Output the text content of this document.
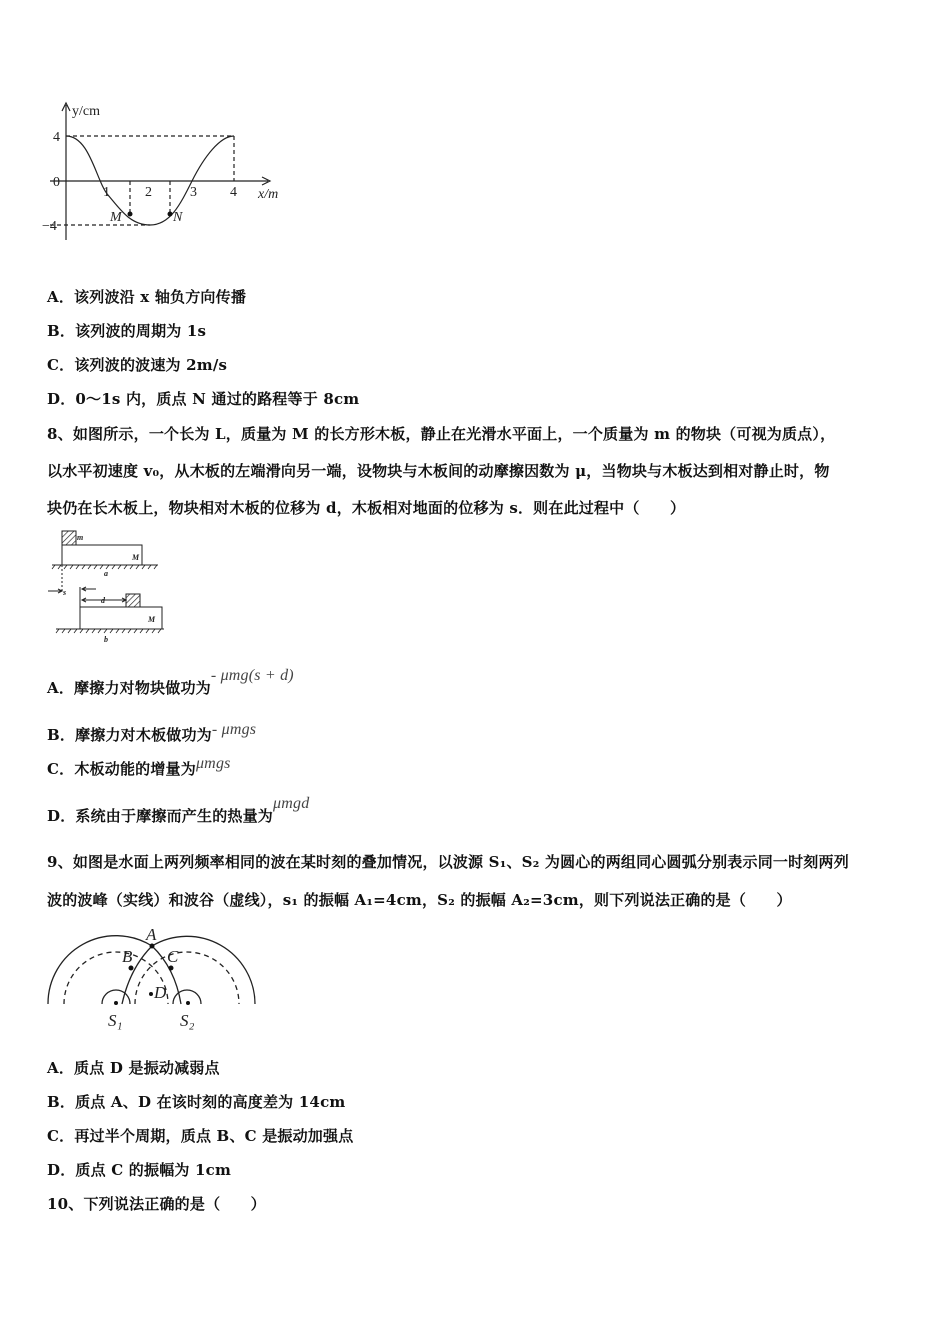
y/cm
x/m
4
0
−4
1	2	3 4
M	N
A．该列波沿 x 轴负方向传播
B．该列波的周期为 1s
C．该列波的波速为 2m/s
D．0～1s 内，质点 N 通过的路程等于 8cm
8、如图所示，一个长为 L，质量为 M 的长方形木板，静止在光滑水平面上，一个质量为 m 的物块（可视为质点），
以水平初速度 v₀，从木板的左端滑向另一端，设物块与木板间的动摩擦因数为 μ，当物块与木板达到相对静止时，物
块仍在长木板上，物块相对木板的位移为 d，木板相对地面的位移为 s．则在此过程中（　　）
m
M
a
s
d
M
b
A．摩擦力对物块做功为- μmg(s + d)
B．摩擦力对木板做功为- μmgs
C．木板动能的增量为μmgs
D．系统由于摩擦而产生的热量为μmgd
9、如图是水面上两列频率相同的波在某时刻的叠加情况，以波源 S₁、S₂ 为圆心的两组同心圆弧分别表示同一时刻两列
波的波峰（实线）和波谷（虚线），s₁ 的振幅 A₁=4cm，S₂ 的振幅 A₂=3cm，则下列说法正确的是（　　）
A
B C
D
S₁	S₂
A．质点 D 是振动减弱点
B．质点 A、D 在该时刻的高度差为 14cm
C．再过半个周期，质点 B、C 是振动加强点
D．质点 C 的振幅为 1cm
10、下列说法正确的是（　　）
